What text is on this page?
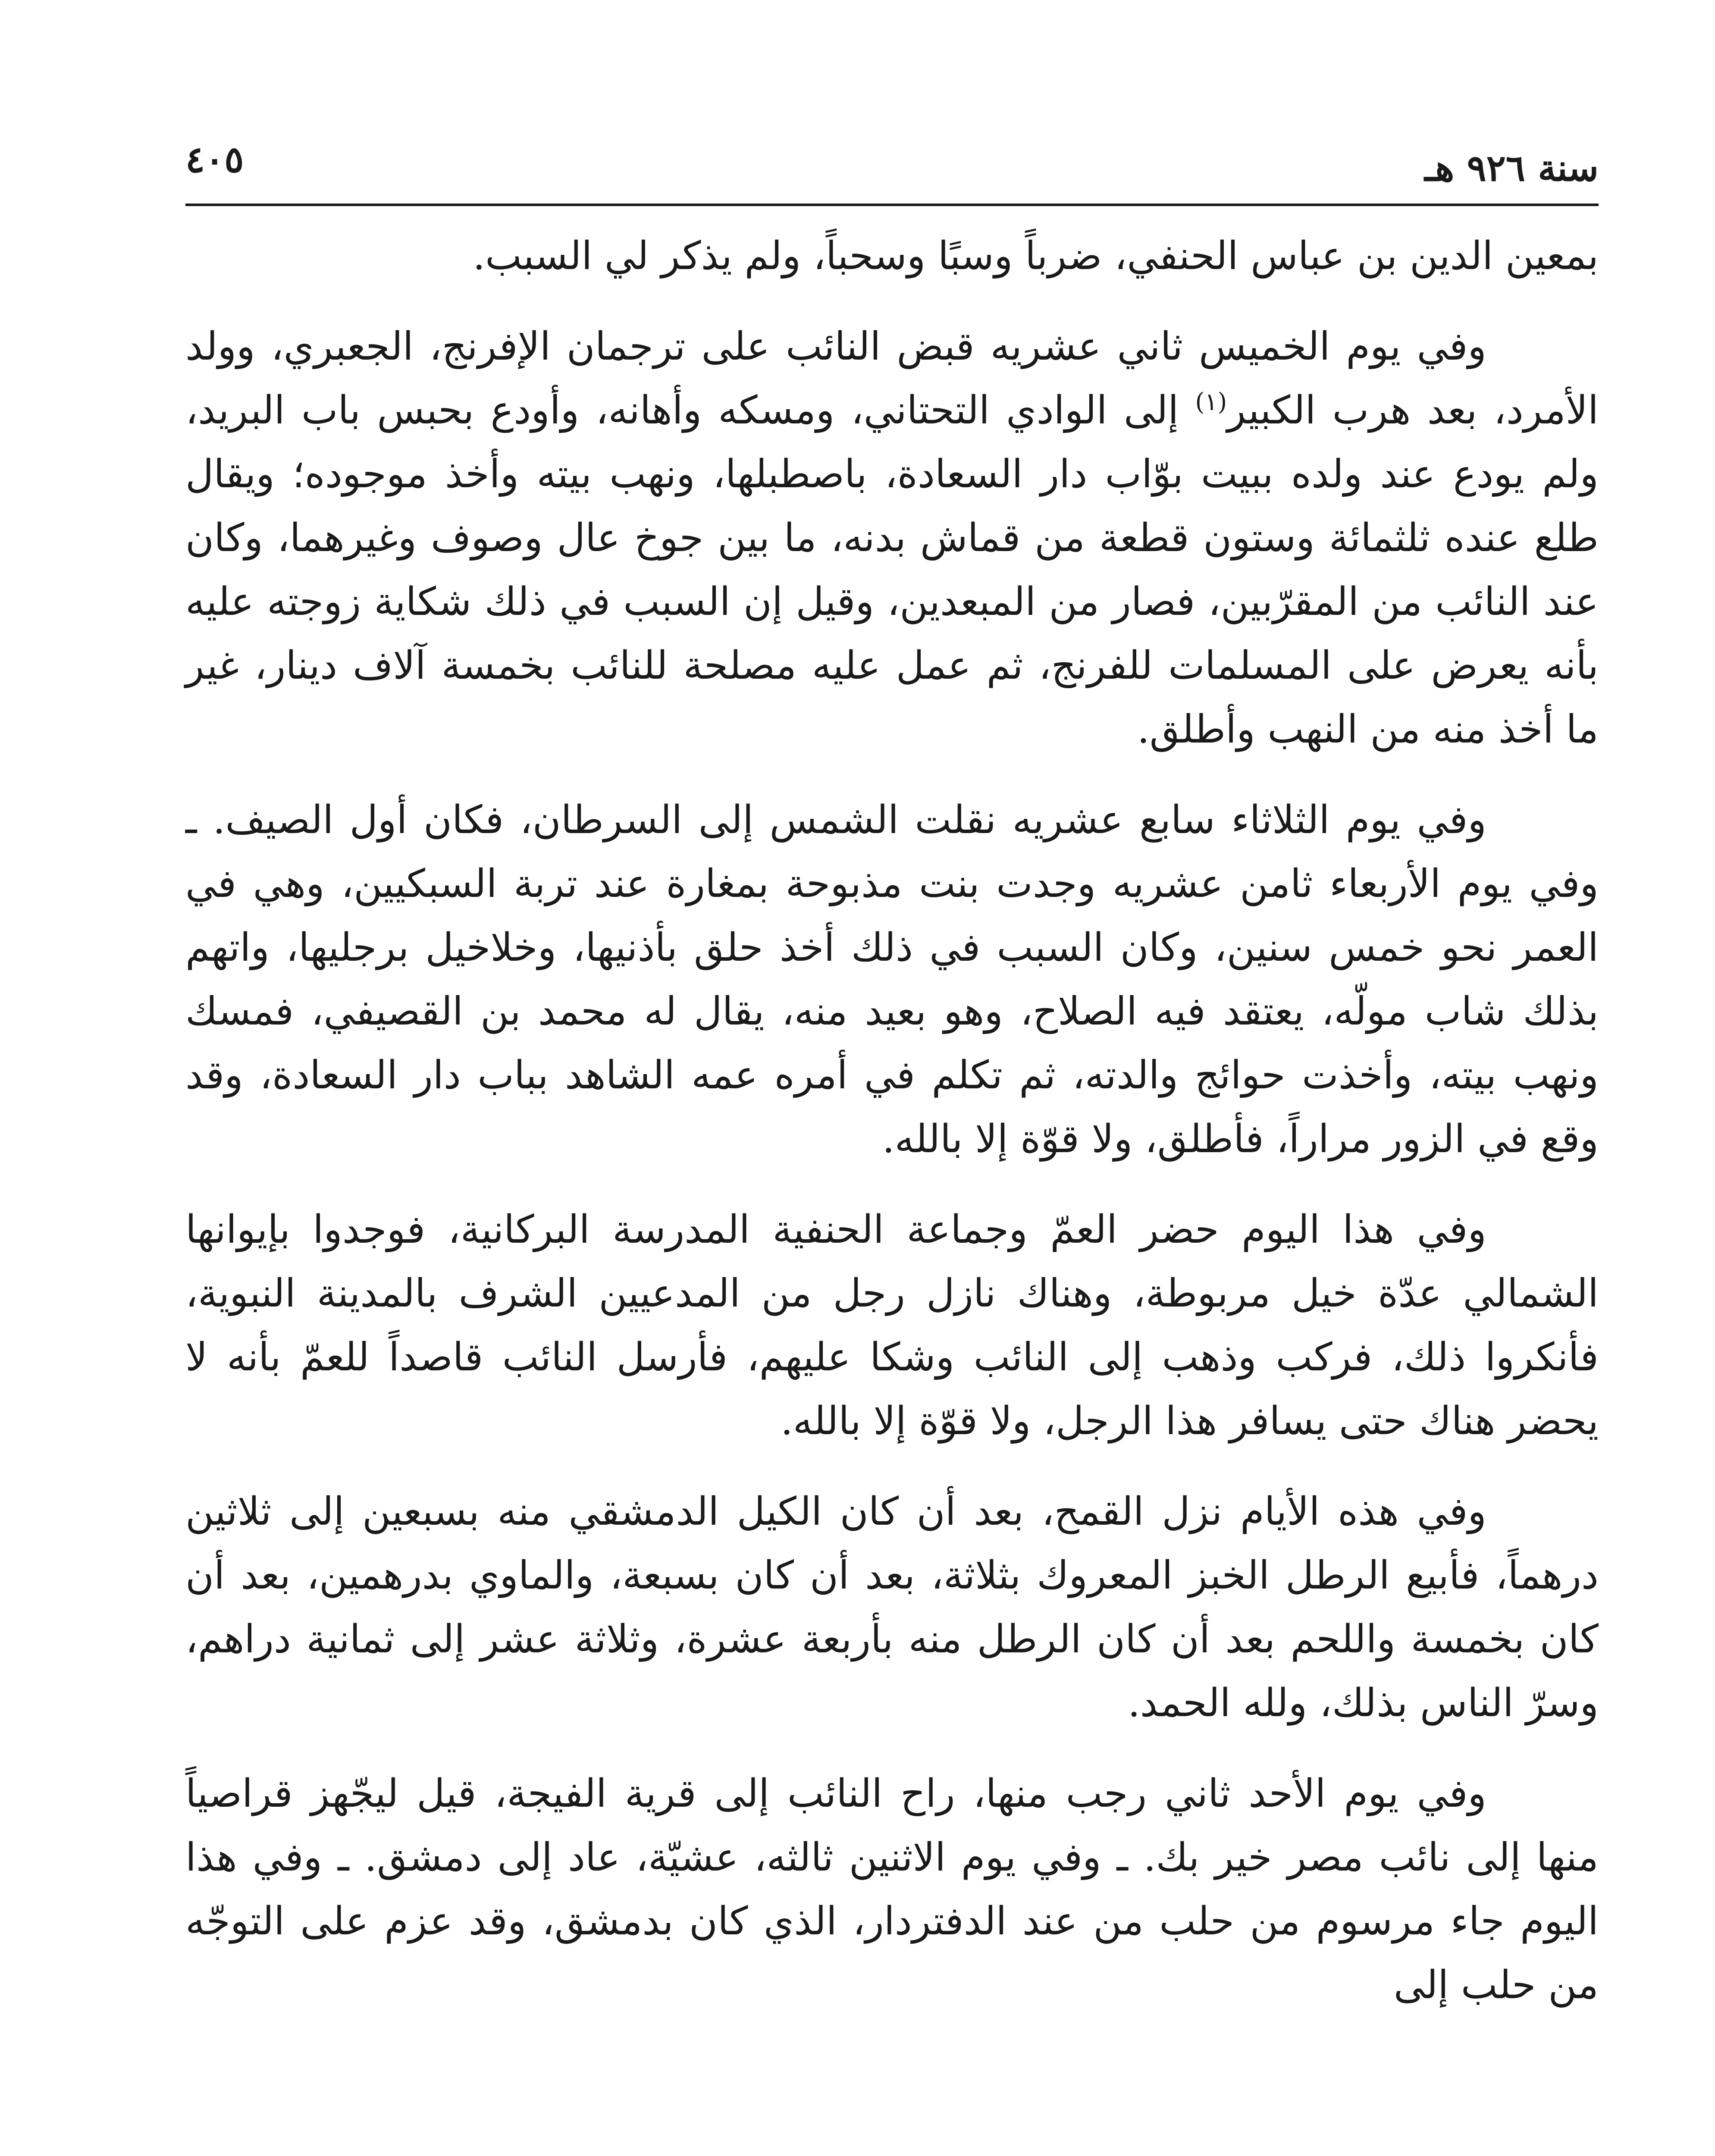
سنة ٩٢٦ هـ
٤٠٥

بمعين الدين بن عباس الحنفي، ضرباً وسبًا وسحباً، ولم يذكر لي السبب.

وفي يوم الخميس ثاني عشريه قبض النائب على ترجمان الإفرنج، الجعبري، وولد الأمرد، بعد هرب الكبير$^{(١)}$ إلى الوادي التحتاني، ومسكه وأهانه، وأودع بحبس باب البريد، ولم يودع عند ولده ببيت بوّاب دار السعادة، باصطبلها، ونهب بيته وأخذ موجوده؛ ويقال طلع عنده ثلثمائة وستون قطعة من قماش بدنه، ما بين جوخ عال وصوف وغيرهما، وكان عند النائب من المقرّبين، فصار من المبعدين، وقيل إن السبب في ذلك شكاية زوجته عليه بأنه يعرض على المسلمات للفرنج، ثم عمل عليه مصلحة للنائب بخمسة آلاف دينار، غير ما أخذ منه من النهب وأطلق.

وفي يوم الثلاثاء سابع عشريه نقلت الشمس إلى السرطان، فكان أول الصيف. ـ وفي يوم الأربعاء ثامن عشريه وجدت بنت مذبوحة بمغارة عند تربة السبكيين، وهي في العمر نحو خمس سنين، وكان السبب في ذلك أخذ حلق بأذنيها، وخلاخيل برجليها، واتهم بذلك شاب مولّه، يعتقد فيه الصلاح، وهو بعيد منه، يقال له محمد بن القصيفي، فمسك ونهب بيته، وأخذت حوائج والدته، ثم تكلم في أمره عمه الشاهد بباب دار السعادة، وقد وقع في الزور مراراً، فأطلق، ولا قوّة إلا بالله.

وفي هذا اليوم حضر العمّ وجماعة الحنفية المدرسة البركانية، فوجدوا بإيوانها الشمالي عدّة خيل مربوطة، وهناك نازل رجل من المدعيين الشرف بالمدينة النبوية، فأنكروا ذلك، فركب وذهب إلى النائب وشكا عليهم، فأرسل النائب قاصداً للعمّ بأنه لا يحضر هناك حتى يسافر هذا الرجل، ولا قوّة إلا بالله.

وفي هذه الأيام نزل القمح، بعد أن كان الكيل الدمشقي منه بسبعين إلى ثلاثين درهماً، فأبيع الرطل الخبز المعروك بثلاثة، بعد أن كان بسبعة، والماوي بدرهمين، بعد أن كان بخمسة واللحم بعد أن كان الرطل منه بأربعة عشرة، وثلاثة عشر إلى ثمانية دراهم، وسرّ الناس بذلك، ولله الحمد.

وفي يوم الأحد ثاني رجب منها، راح النائب إلى قرية الفيجة، قيل ليجّهز قراصياً منها إلى نائب مصر خير بك. ـ وفي يوم الاثنين ثالثه، عشيّة، عاد إلى دمشق. ـ وفي هذا اليوم جاء مرسوم من حلب من عند الدفتردار، الذي كان بدمشق، وقد عزم على التوجّه من حلب إلى
